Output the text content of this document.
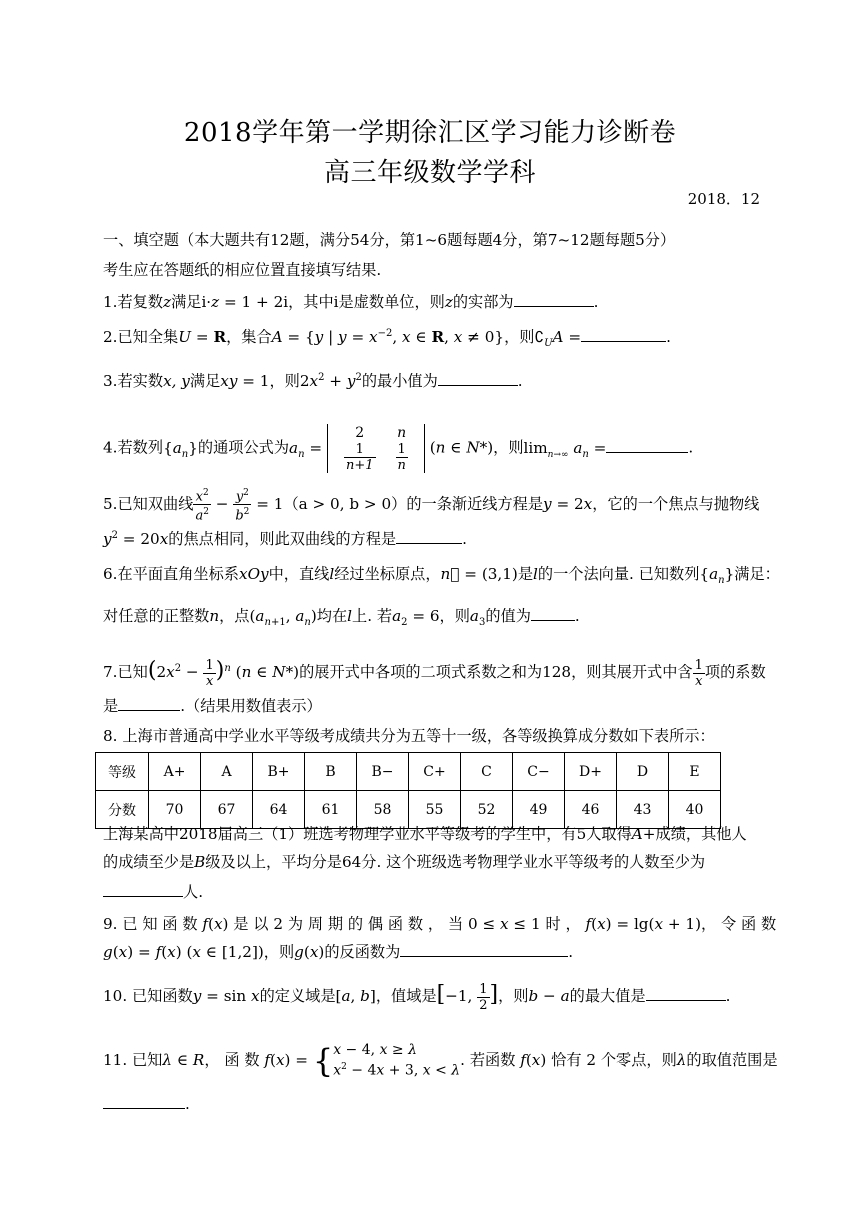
2018学年第一学期徐汇区学习能力诊断卷
高三年级数学学科
2018．12
一、填空题（本大题共有12题，满分54分，第1~6题每题4分，第7~12题每题5分）
考生应在答题纸的相应位置直接填写结果.
1.若复数z满足i·z = 1 + 2i，其中i是虚数单位，则z的实部为	.
2.已知全集U = R，集合A = {y | $y = x^{-2}$, x ∈ R, x ≠ 0}，则$∁_UA$ =	.
3.若实数x, y满足xy = 1，则$2x^2 + y^2$的最小值为	.
4.若数列$\{a_n\}$的通项公式为$a_n$ =
2	n

$\frac{1}{n+1}$	$\frac{1}{n} (n$ ∈ N*)，则$\lim_{n\to\infty} a_n$ =	.
5.已知双曲线 $\frac{x^2}{a^2} - \frac{y^2}{b^2} = 1(a > 0$, b > 0）的一条渐近线方程是y = 2x，它的一个焦点与抛物线
$y^2 = 20x$的焦点相同，则此双曲线的方程是	.
6.在平面直角坐标系xOy中，直线l经过坐标原点，n⃗ = (3,1)是l的一个法向量. 已知数列$\{a_n\}$满足：
对任意的正整数n，点($a_{n+1}$, $a_n$)均在l上. 若$a_2 = 6$，则$a_3$的值为	.
7.已知$(2x^2 - \frac{1}{x} )^n$ (n ∈ N*)的展开式中各项的二项式系数之和为128，则其展开式中含 $\frac{1}{x}$ 项的系数
是	.（结果用数值表示）
8. 上海市普通高中学业水平等级考成绩共分为五等十一级，各等级换算成分数如下表所示：
等级	A+	A	B+	B	B−	C+	C	C−	D+	D	E
分数	70	67	64	61	58	55	52	49	46	43	40
上海某高中2018届高三（1）班选考物理学业水平等级考的学生中，有5人取得A+成绩，其他人
的成绩至少是B级及以上，平均分是64分. 这个班级选考物理学业水平等级考的人数至少为
人.
9. 已 知 函 数 f(x) 是 以 2 为 周 期 的 偶 函 数 ， 当 0 ≤ x ≤ 1 时 ， f(x) = lg(x + 1)， 令 函 数
g(x) = f(x) (x ∈ [1,2])，则g(x)的反函数为	.
10. 已知函数y = sin x的定义域是[a, b]，值域是[−1, $\frac{1}{2}$ ]，则b − a的最大值是	.
11. 已知λ ∈ R， 函 数 f(x) = { x − 4, x ≥ λ
$x^2 - 4x + 3$, x < λ
. 若函数 f(x) 恰有 2 个零点，则λ的取值范围是
.
